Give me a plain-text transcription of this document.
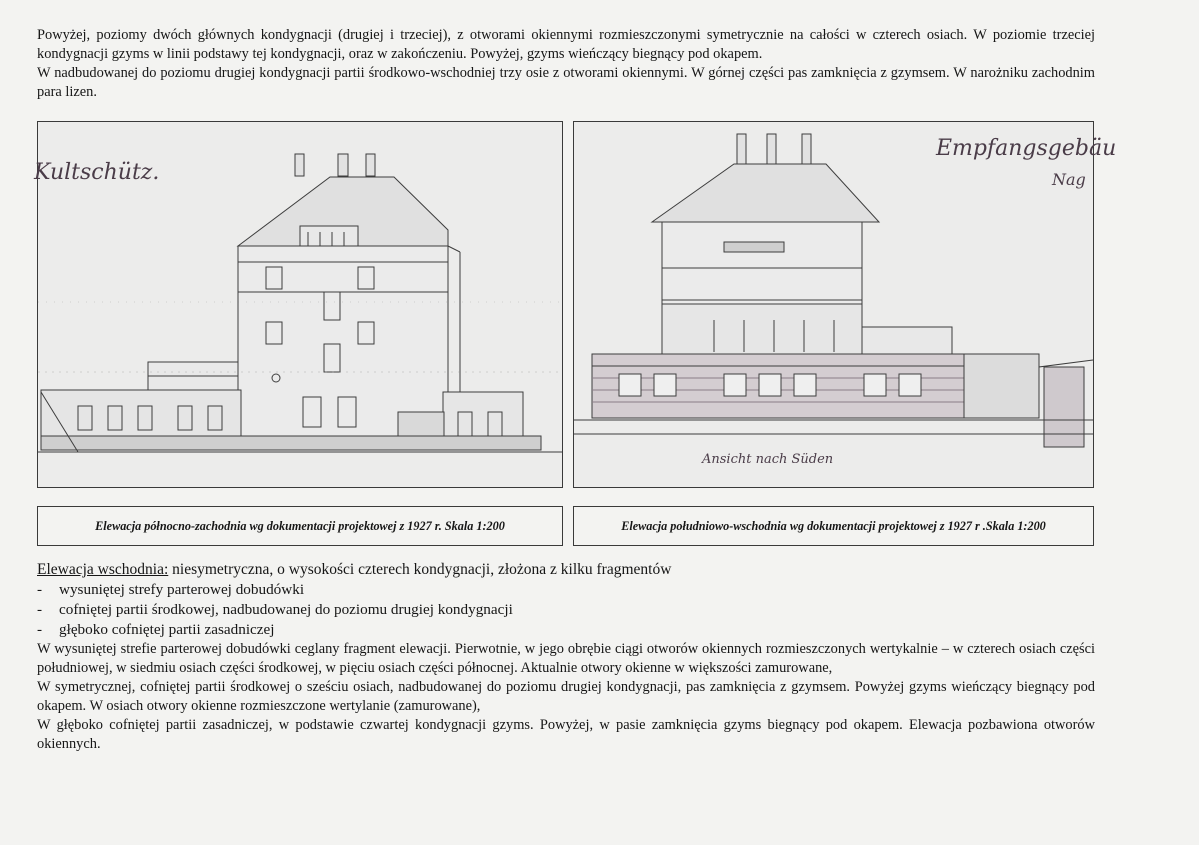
Powyżej, poziomy dwóch głównych kondygnacji (drugiej i trzeciej), z otworami okiennymi rozmieszczonymi symetrycznie na całości w czterech osiach. W poziomie trzeciej kondygnacji gzyms w linii podstawy tej kondygnacji, oraz w zakończeniu. Powyżej, gzyms wieńczący biegnący pod okapem.

W nadbudowanej do poziomu drugiej kondygnacji partii środkowo-wschodniej trzy osie z otworami okiennymi. W górnej części pas zamknięcia z gzymsem. W narożniku zachodnim para lizen.

Kultschütz.
Empfangsgebäu
Nag
Ansicht nach Süden
Elewacja północno-zachodnia wg dokumentacji projektowej z 1927 r. Skala 1:200	Elewacja południowo-wschodnia wg dokumentacji projektowej z 1927 r .Skala 1:200
Elewacja wschodnia: niesymetryczna, o wysokości czterech kondygnacji, złożona z kilku fragmentów
- wysuniętej strefy parterowej dobudówki
- cofniętej partii środkowej, nadbudowanej do poziomu drugiej kondygnacji
- głęboko cofniętej partii zasadniczej

W wysuniętej strefie parterowej dobudówki ceglany fragment elewacji. Pierwotnie, w jego obrębie ciągi otworów okiennych rozmieszczonych wertykalnie – w czterech osiach części południowej, w siedmiu osiach części środkowej, w pięciu osiach części północnej. Aktualnie otwory okienne w większości zamurowane,

W symetrycznej, cofniętej partii środkowej o sześciu osiach, nadbudowanej do poziomu drugiej kondygnacji, pas zamknięcia z gzymsem. Powyżej gzyms wieńczący biegnący pod okapem. W osiach otwory okienne rozmieszczone wertylanie (zamurowane),

W głęboko cofniętej partii zasadniczej, w podstawie czwartej kondygnacji gzyms. Powyżej, w pasie zamknięcia gzyms biegnący pod okapem. Elewacja pozbawiona otworów okiennych.
